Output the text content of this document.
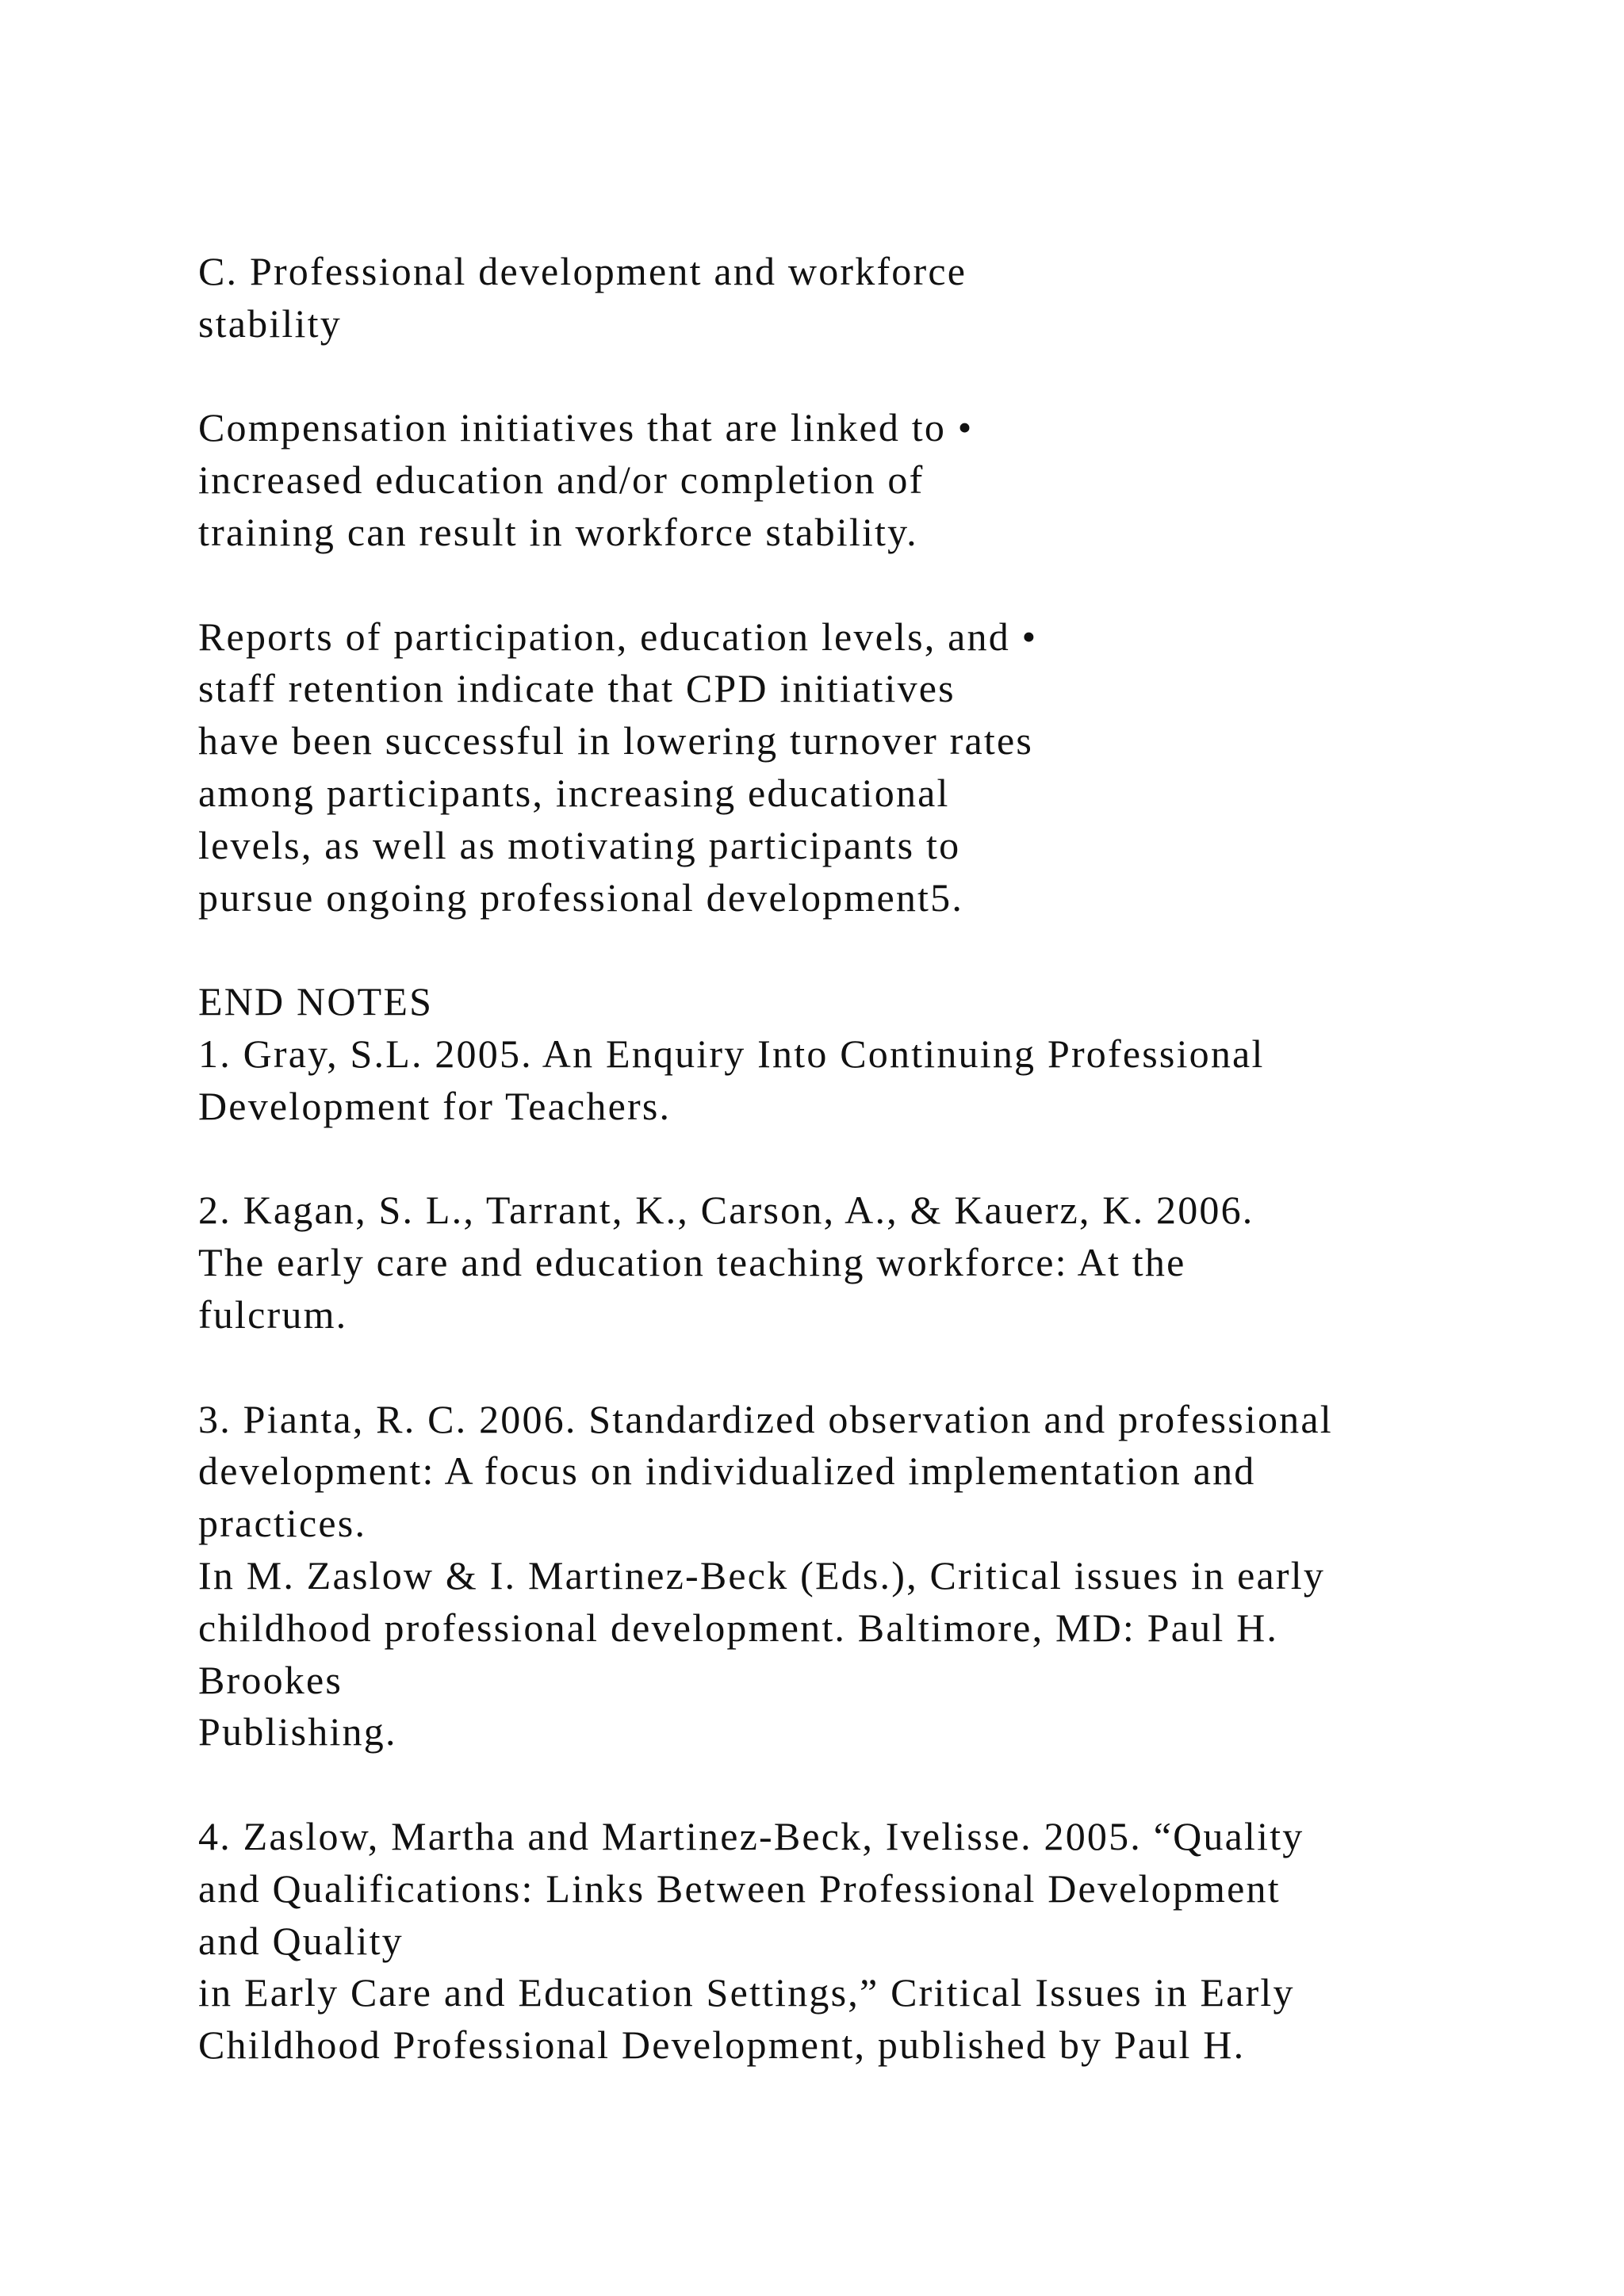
C. Professional development and workforce
stability
Compensation initiatives that are linked to •
increased education and/or completion of
training can result in workforce stability.
Reports of participation, education levels, and •
staff retention indicate that CPD initiatives
have been successful in lowering turnover rates
among participants, increasing educational
levels, as well as motivating participants to
pursue ongoing professional development5.
END NOTES
1. Gray, S.L. 2005. An Enquiry Into Continuing Professional
Development for Teachers.
2. Kagan, S. L., Tarrant, K., Carson, A., & Kauerz, K. 2006.
The early care and education teaching workforce: At the
fulcrum.
3. Pianta, R. C. 2006. Standardized observation and professional
development: A focus on individualized implementation and
practices.
In M. Zaslow & I. Martinez-Beck (Eds.), Critical issues in early
childhood professional development. Baltimore, MD: Paul H.
Brookes
Publishing.
4. Zaslow, Martha and Martinez-Beck, Ivelisse. 2005. “Quality
and Qualifications: Links Between Professional Development
and Quality
in Early Care and Education Settings,” Critical Issues in Early
Childhood Professional Development, published by Paul H.
